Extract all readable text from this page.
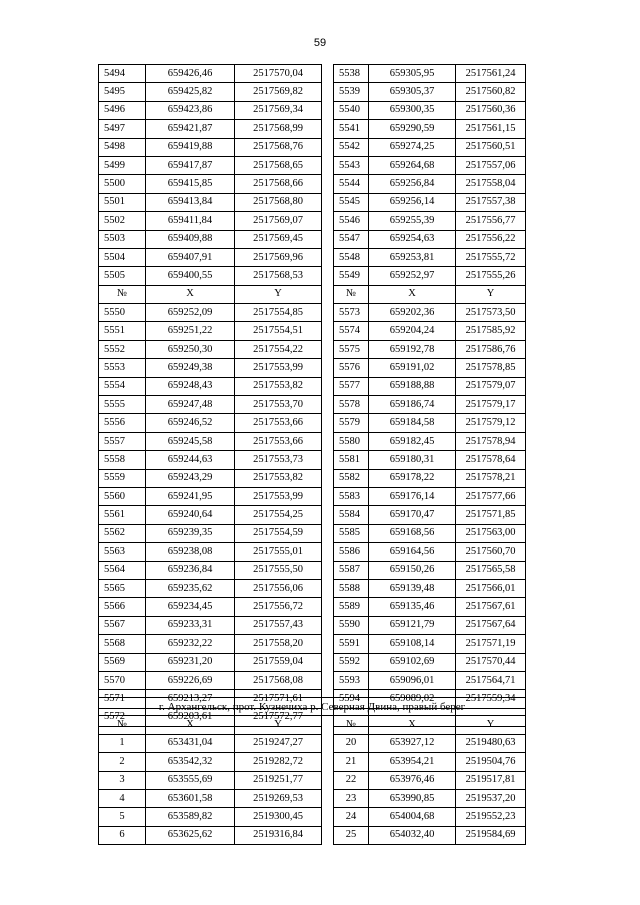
59
5494	659426,46	2517570,04		5538	659305,95	2517561,24
5495	659425,82	2517569,82		5539	659305,37	2517560,82
5496	659423,86	2517569,34		5540	659300,35	2517560,36
5497	659421,87	2517568,99		5541	659290,59	2517561,15
5498	659419,88	2517568,76		5542	659274,25	2517560,51
5499	659417,87	2517568,65		5543	659264,68	2517557,06
5500	659415,85	2517568,66		5544	659256,84	2517558,04
5501	659413,84	2517568,80		5545	659256,14	2517557,38
5502	659411,84	2517569,07		5546	659255,39	2517556,77
5503	659409,88	2517569,45		5547	659254,63	2517556,22
5504	659407,91	2517569,96		5548	659253,81	2517555,72
5505	659400,55	2517568,53		5549	659252,97	2517555,26
№	X	Y		№	X	Y
5550	659252,09	2517554,85		5573	659202,36	2517573,50
5551	659251,22	2517554,51		5574	659204,24	2517585,92
5552	659250,30	2517554,22		5575	659192,78	2517586,76
5553	659249,38	2517553,99		5576	659191,02	2517578,85
5554	659248,43	2517553,82		5577	659188,88	2517579,07
5555	659247,48	2517553,70		5578	659186,74	2517579,17
5556	659246,52	2517553,66		5579	659184,58	2517579,12
5557	659245,58	2517553,66		5580	659182,45	2517578,94
5558	659244,63	2517553,73		5581	659180,31	2517578,64
5559	659243,29	2517553,82		5582	659178,22	2517578,21
5560	659241,95	2517553,99		5583	659176,14	2517577,66
5561	659240,64	2517554,25		5584	659170,47	2517571,85
5562	659239,35	2517554,59		5585	659168,56	2517563,00
5563	659238,08	2517555,01		5586	659164,56	2517560,70
5564	659236,84	2517555,50		5587	659150,26	2517565,58
5565	659235,62	2517556,06		5588	659139,48	2517566,01
5566	659234,45	2517556,72		5589	659135,46	2517567,61
5567	659233,31	2517557,43		5590	659121,79	2517567,64
5568	659232,22	2517558,20		5591	659108,14	2517571,19
5569	659231,20	2517559,04		5592	659102,69	2517570,44
5570	659226,69	2517568,08		5593	659096,01	2517564,71
5571	659213,27	2517571,61		5594	659089,02	2517559,34
5572	659203,61	2517572,77				
г. Архангельск, прот. Кузнечиха р. Северная Двина, правый берег						
№	X	Y		№	X	Y
1	653431,04	2519247,27		20	653927,12	2519480,63
2	653542,32	2519282,72		21	653954,21	2519504,76
3	653555,69	2519251,77		22	653976,46	2519517,81
4	653601,58	2519269,53		23	653990,85	2519537,20
5	653589,82	2519300,45		24	654004,68	2519552,23
6	653625,62	2519316,84		25	654032,40	2519584,69
